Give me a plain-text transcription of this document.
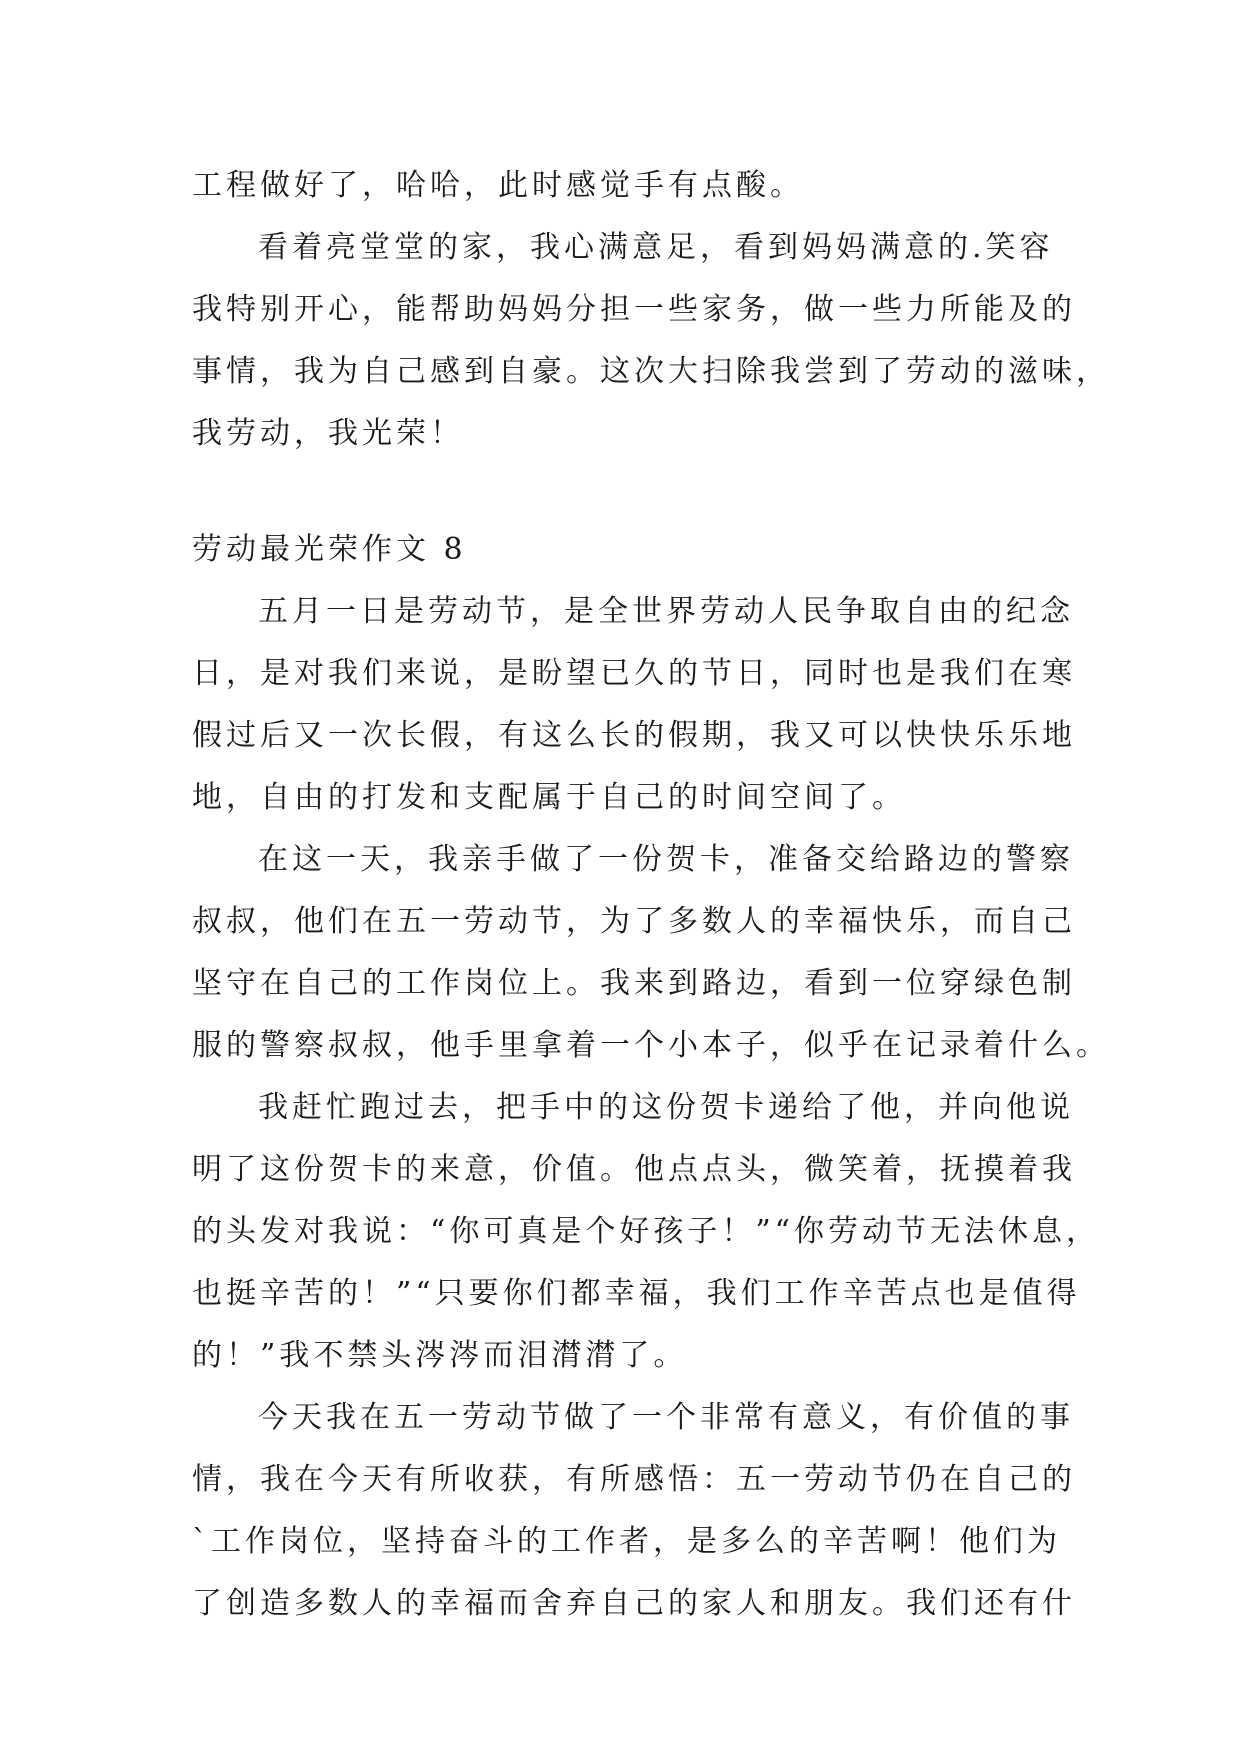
工程做好了，哈哈，此时感觉手有点酸。
看着亮堂堂的家，我心满意足，看到妈妈满意的.笑容
我特别开心，能帮助妈妈分担一些家务，做一些力所能及的
事情，我为自己感到自豪。这次大扫除我尝到了劳动的滋味，
我劳动，我光荣！
劳动最光荣作文 8
五月一日是劳动节，是全世界劳动人民争取自由的纪念
日，是对我们来说，是盼望已久的节日，同时也是我们在寒
假过后又一次长假，有这么长的假期，我又可以快快乐乐地
地，自由的打发和支配属于自己的时间空间了。
在这一天，我亲手做了一份贺卡，准备交给路边的警察
叔叔，他们在五一劳动节，为了多数人的幸福快乐，而自己
坚守在自己的工作岗位上。我来到路边，看到一位穿绿色制
服的警察叔叔，他手里拿着一个小本子，似乎在记录着什么。
我赶忙跑过去，把手中的这份贺卡递给了他，并向他说
明了这份贺卡的来意，价值。他点点头，微笑着，抚摸着我
的头发对我说：“你可真是个好孩子！”“你劳动节无法休息，
也挺辛苦的！”“只要你们都幸福，我们工作辛苦点也是值得
的！”我不禁头涔涔而泪潸潸了。
今天我在五一劳动节做了一个非常有意义，有价值的事
情，我在今天有所收获，有所感悟：五一劳动节仍在自己的
`工作岗位，坚持奋斗的工作者，是多么的辛苦啊！他们为
了创造多数人的幸福而舍弃自己的家人和朋友。我们还有什
